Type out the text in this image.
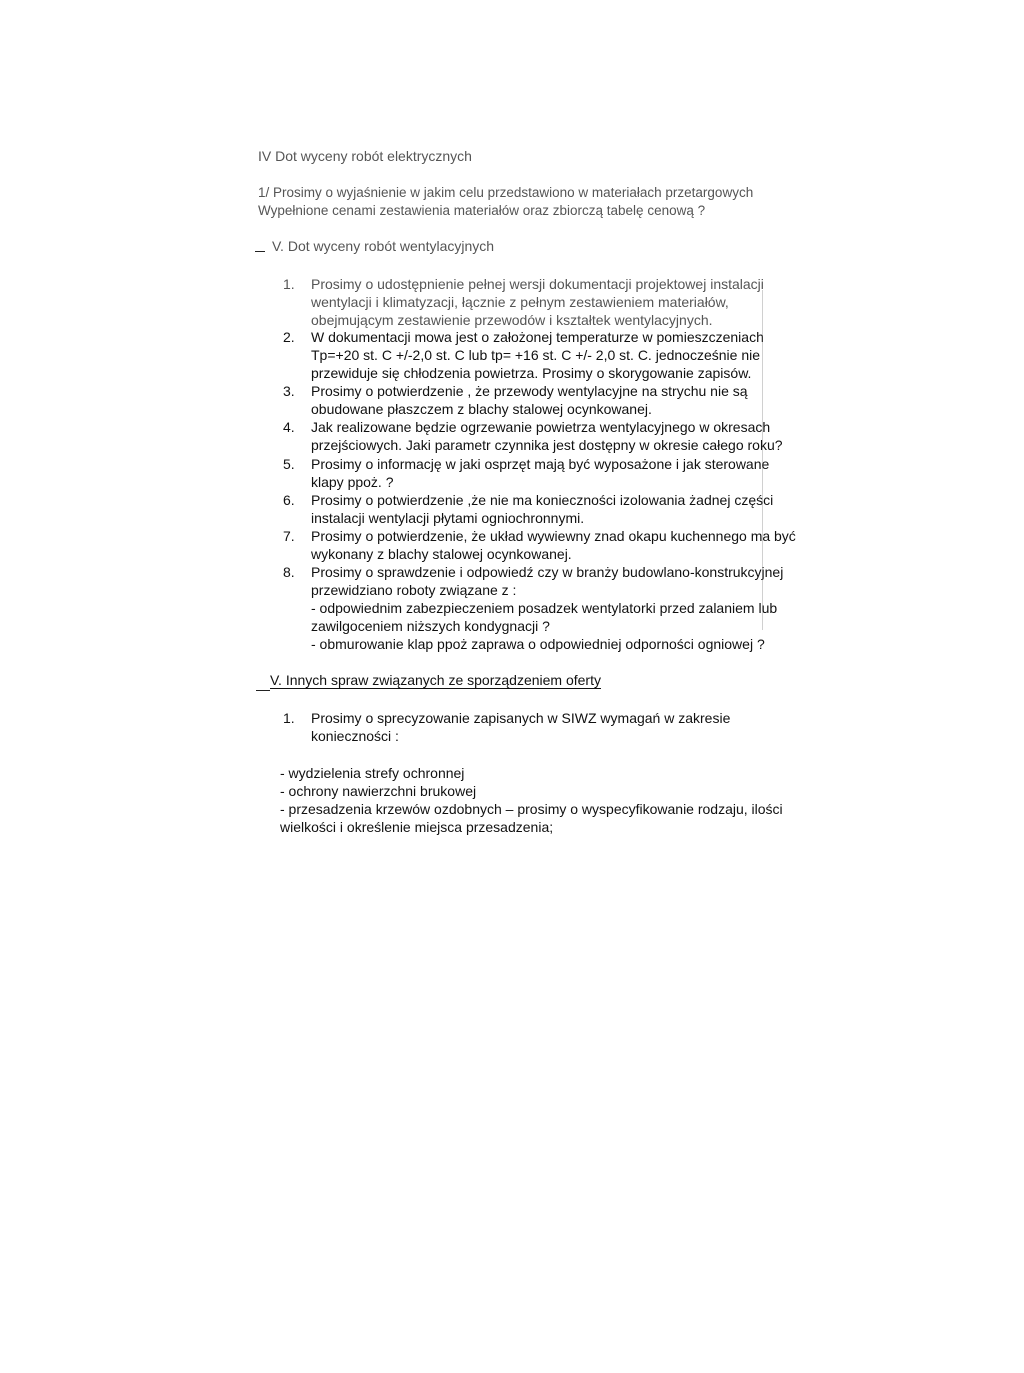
IV Dot wyceny robót elektrycznych
1/ Prosimy o wyjaśnienie w jakim celu przedstawiono w materiałach przetargowych
Wypełnione cenami zestawienia materiałów oraz zbiorczą tabelę cenową ?
V. Dot wyceny robót wentylacyjnych
1.	Prosimy o udostępnienie pełnej wersji dokumentacji projektowej instalacji
wentylacji i klimatyzacji, łącznie z pełnym zestawieniem materiałów,
obejmującym zestawienie przewodów i kształtek wentylacyjnych.
2.	W dokumentacji mowa jest o założonej temperaturze w pomieszczeniach
Tp=+20 st. C +/-2,0 st. C lub tp= +16 st. C +/- 2,0 st. C. jednocześnie nie
przewiduje się chłodzenia powietrza. Prosimy o skorygowanie zapisów.
3.	Prosimy o potwierdzenie , że przewody wentylacyjne na strychu nie są
obudowane płaszczem z blachy stalowej ocynkowanej.
4.	Jak realizowane będzie ogrzewanie powietrza wentylacyjnego w okresach
przejściowych. Jaki parametr czynnika jest dostępny w okresie całego roku?
5.	Prosimy o informację w jaki osprzęt mają być wyposażone i jak sterowane
klapy ppoż. ?
6.	Prosimy o potwierdzenie ,że nie ma konieczności izolowania żadnej części
instalacji wentylacji płytami ogniochronnymi.
7.	Prosimy o potwierdzenie, że układ wywiewny znad okapu kuchennego ma być
wykonany z blachy stalowej ocynkowanej.
8.	Prosimy o sprawdzenie i odpowiedź czy w branży budowlano-konstrukcyjnej
przewidziano roboty związane z :
- odpowiednim zabezpieczeniem posadzek wentylatorki przed zalaniem lub
zawilgoceniem niższych kondygnacji ?
- obmurowanie klap ppoż zaprawa o odpowiedniej odporności ogniowej ?
V. Innych spraw związanych ze sporządzeniem oferty
1.	Prosimy o sprecyzowanie zapisanych w SIWZ wymagań w zakresie
konieczności :
- wydzielenia strefy ochronnej
- ochrony nawierzchni brukowej
- przesadzenia krzewów ozdobnych – prosimy o wyspecyfikowanie rodzaju, ilości
wielkości i określenie miejsca przesadzenia;
